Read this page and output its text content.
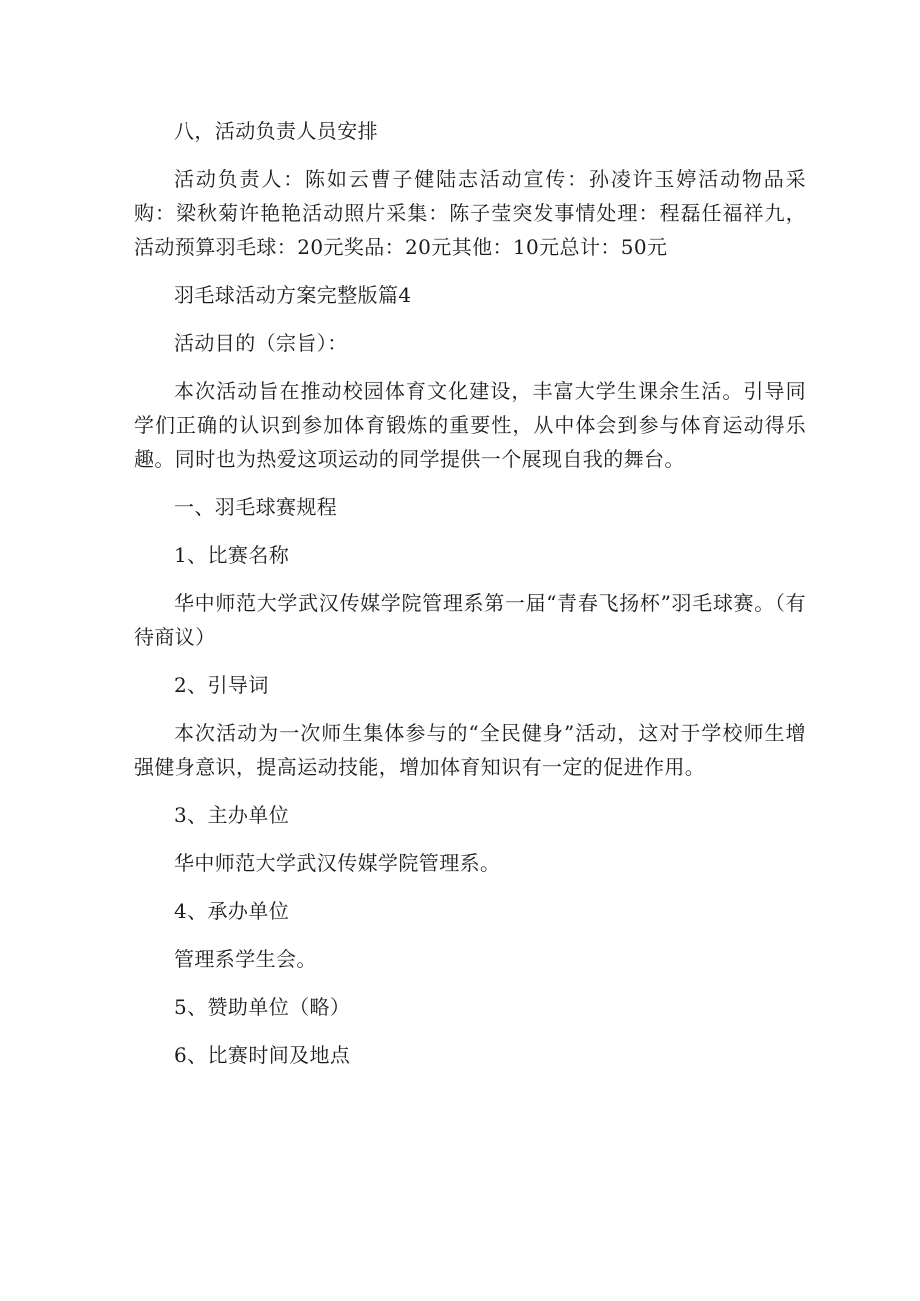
八，活动负责人员安排

活动负责人：陈如云曹子健陆志活动宣传：孙凌许玉婷活动物品采购：梁秋菊许艳艳活动照片采集：陈子莹突发事情处理：程磊任福祥九，活动预算羽毛球：20元奖品：20元其他：10元总计：50元

羽毛球活动方案完整版篇4

活动目的（宗旨）：

本次活动旨在推动校园体育文化建设，丰富大学生课余生活。引导同学们正确的认识到参加体育锻炼的重要性，从中体会到参与体育运动得乐趣。同时也为热爱这项运动的同学提供一个展现自我的舞台。

一、羽毛球赛规程

1、比赛名称

华中师范大学武汉传媒学院管理系第一届“青春飞扬杯”羽毛球赛。（有待商议）

2、引导词

本次活动为一次师生集体参与的“全民健身”活动，这对于学校师生增强健身意识，提高运动技能，增加体育知识有一定的促进作用。

3、主办单位

华中师范大学武汉传媒学院管理系。

4、承办单位

管理系学生会。

5、赞助单位（略）

6、比赛时间及地点
